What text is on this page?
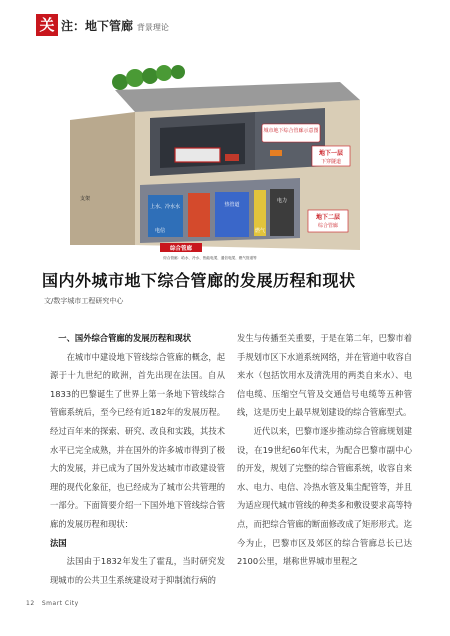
关 注：地下管廊 背景理论
城市地下综合管廊示意图
地下一层
下穿隧道
上水、冷水水	热管道
电力
电信	燃气
支架
地下二层
综合管廊
综合管廊
综合管廊：给水、冷水、热能电缆、通信电缆、燃气管道等
国内外城市地下综合管廊的发展历程和现状
文/数字城市工程研究中心

一、国外综合管廊的发展历程和现状

在城市中建设地下管线综合管廊的概念，起源于十九世纪的欧洲，首先出现在法国。自从1833的巴黎诞生了世界上第一条地下管线综合管廊系统后，至今已经有近182年的发展历程。经过百年来的探索、研究、改良和实践，其技术水平已完全成熟，并在国外的许多城市得到了极大的发展，并已成为了国外发达城市市政建设管理的现代化象征，也已经成为了城市公共管理的一部分。下面简要介绍一下国外地下管线综合管廊的发展历程和现状：

法国

法国由于1832年发生了霍乱，当时研究发现城市的公共卫生系统建设对于抑制流行病的

发生与传播至关重要，于是在第二年，巴黎市着手规划市区下水道系统网络，并在管道中收容自来水（包括饮用水及清洗用的两类自来水）、电信电缆、压缩空气管及交通信号电缆等五种管线，这是历史上最早规划建设的综合管廊型式。

近代以来，巴黎市逐步推动综合管廊规划建设，在19世纪60年代末，为配合巴黎市副中心的开发，规划了完整的综合管廊系统，收容自来水、电力、电信、冷热水管及集尘配管等，并且为适应现代城市管线的种类多和敷设要求高等特点，而把综合管廊的断面修改成了矩形形式。迄今为止，巴黎市区及郊区的综合管廊总长已达2100公里，堪称世界城市里程之

12 Smart City
